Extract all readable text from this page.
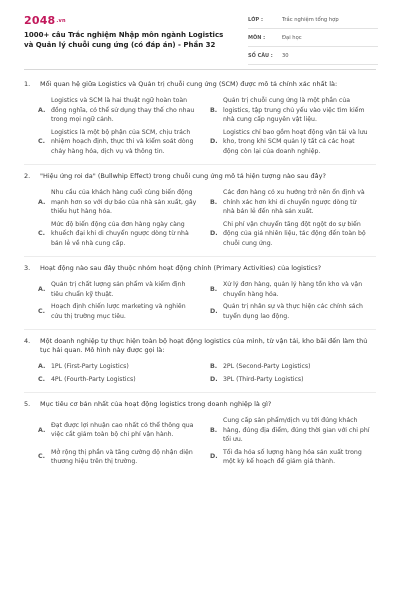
2048.vn
1000+ câu Trắc nghiệm Nhập môn ngành Logistics và Quản lý chuỗi cung ứng (có đáp án) - Phần 32
LỚP :	Trắc nghiệm tổng hợp
MÔN :	Đại học
SỐ CÂU :	30
1.	Mối quan hệ giữa Logistics và Quản trị chuỗi cung ứng (SCM) được mô tả chính xác nhất là:
A.
Logistics và SCM là hai thuật ngữ hoàn toàn đồng nghĩa, có thể sử dụng thay thế cho nhau trong mọi ngữ cảnh.
B.
Quản trị chuỗi cung ứng là một phần của logistics, tập trung chủ yếu vào việc tìm kiếm nhà cung cấp nguyên vật liệu.
C.
Logistics là một bộ phận của SCM, chịu trách nhiệm hoạch định, thực thi và kiểm soát dòng chảy hàng hóa, dịch vụ và thông tin.
D.
Logistics chỉ bao gồm hoạt động vận tải và lưu kho, trong khi SCM quản lý tất cả các hoạt động còn lại của doanh nghiệp.
2.	"Hiệu ứng roi da" (Bullwhip Effect) trong chuỗi cung ứng mô tả hiện tượng nào sau đây?
A.
Nhu cầu của khách hàng cuối cùng biến động mạnh hơn so với dự báo của nhà sản xuất, gây thiếu hụt hàng hóa.
B.
Các đơn hàng có xu hướng trở nên ổn định và chính xác hơn khi di chuyển ngược dòng từ nhà bán lẻ đến nhà sản xuất.
C.
Mức độ biến động của đơn hàng ngày càng khuếch đại khi di chuyển ngược dòng từ nhà bán lẻ về nhà cung cấp.
D.
Chi phí vận chuyển tăng đột ngột do sự biến động của giá nhiên liệu, tác động đến toàn bộ chuỗi cung ứng.
3.	Hoạt động nào sau đây thuộc nhóm hoạt động chính (Primary Activities) của logistics?
A.
Quản trị chất lượng sản phẩm và kiểm định tiêu chuẩn kỹ thuật.
B.
Xử lý đơn hàng, quản lý hàng tồn kho và vận chuyển hàng hóa.
C.
Hoạch định chiến lược marketing và nghiên cứu thị trường mục tiêu.
D.
Quản trị nhân sự và thực hiện các chính sách tuyển dụng lao động.
4.	Một doanh nghiệp tự thực hiện toàn bộ hoạt động logistics của mình, từ vận tải, kho bãi đến làm thủ tục hải quan. Mô hình này được gọi là:
A. 1PL (First-Party Logistics)	B. 2PL (Second-Party Logistics)
C. 4PL (Fourth-Party Logistics)	D. 3PL (Third-Party Logistics)
5.	Mục tiêu cơ bản nhất của hoạt động logistics trong doanh nghiệp là gì?
A.
Đạt được lợi nhuận cao nhất có thể thông qua việc cắt giảm toàn bộ chi phí vận hành.
B.
Cung cấp sản phẩm/dịch vụ tới đúng khách hàng, đúng địa điểm, đúng thời gian với chi phí tối ưu.
C.
Mở rộng thị phần và tăng cường độ nhận diện thương hiệu trên thị trường.
D.
Tối đa hóa số lượng hàng hóa sản xuất trong một kỳ kế hoạch để giảm giá thành.
